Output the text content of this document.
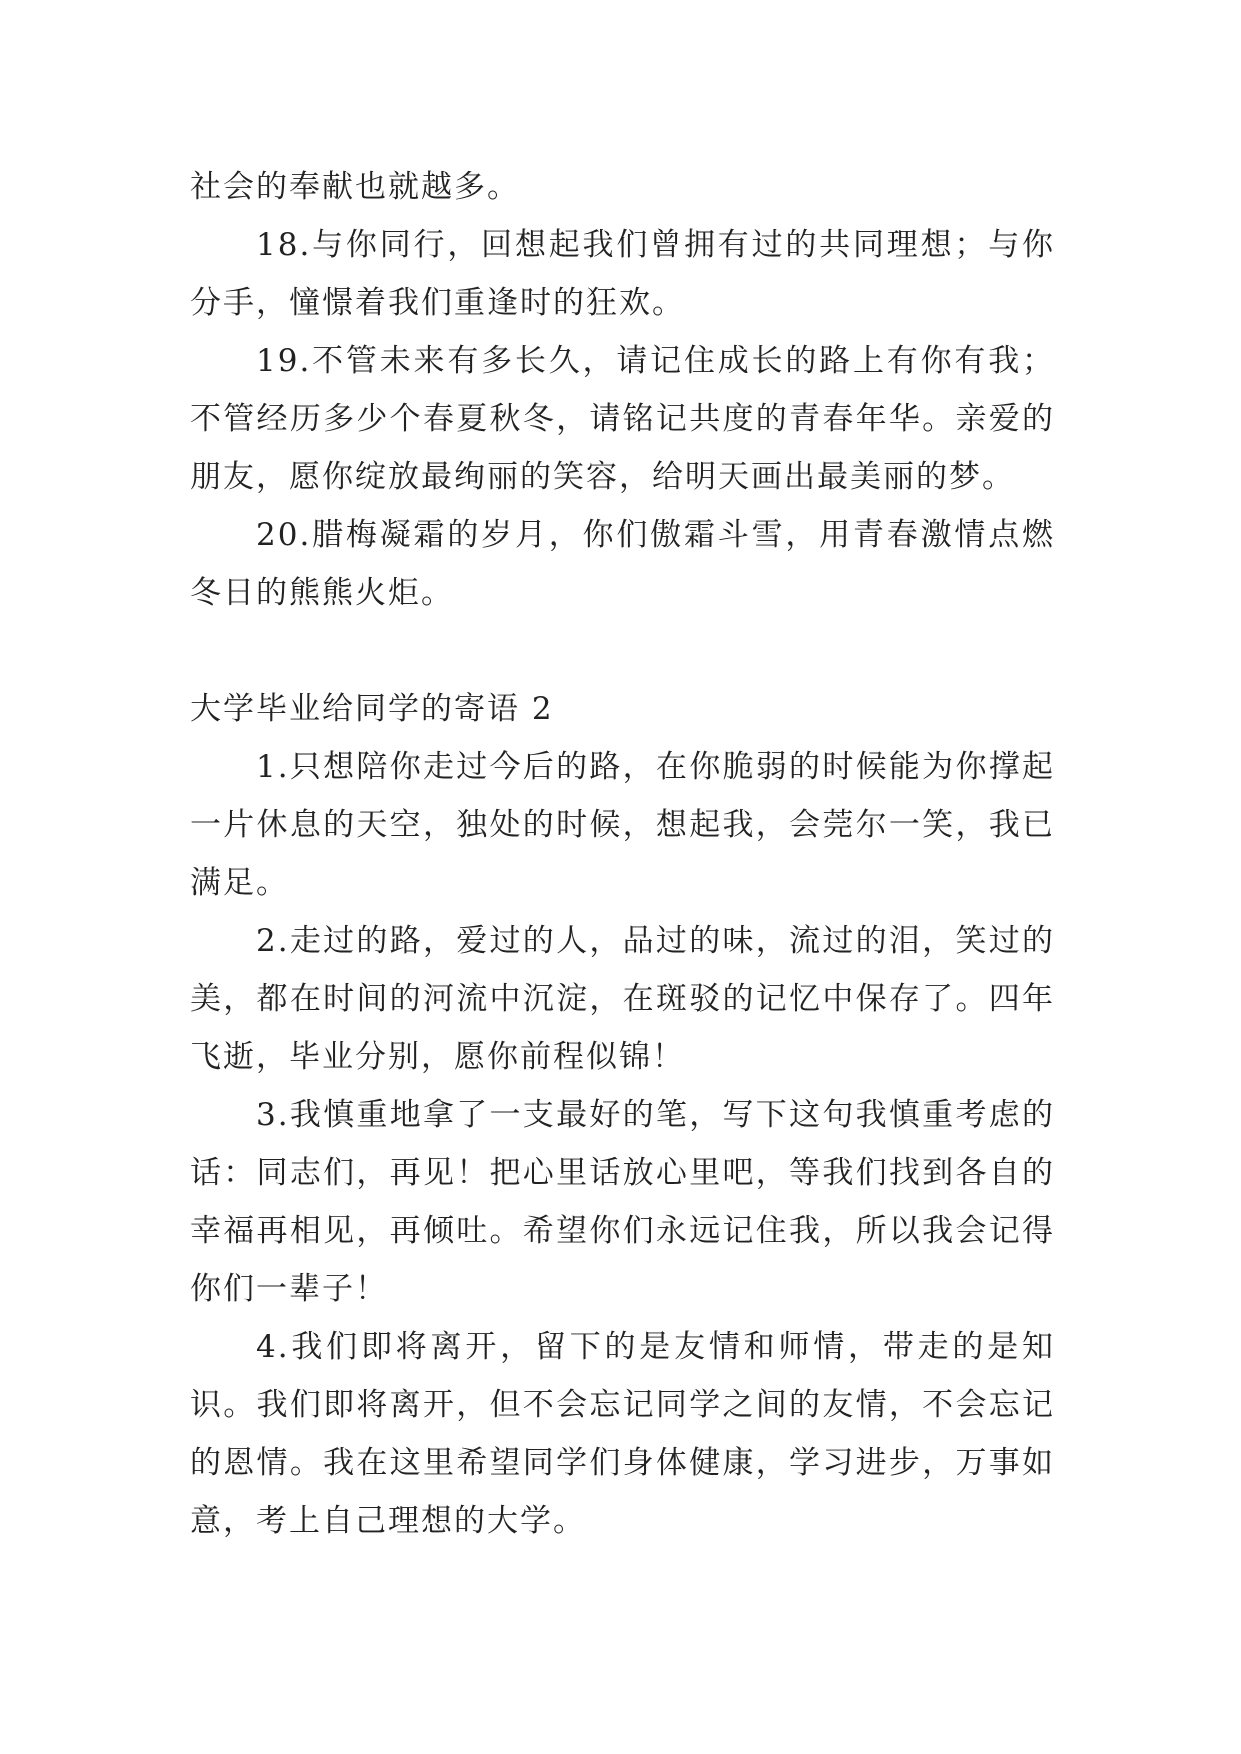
社会的奉献也就越多。

18.与你同行，回想起我们曾拥有过的共同理想；与你分手，憧憬着我们重逢时的狂欢。

19.不管未来有多长久，请记住成长的路上有你有我；不管经历多少个春夏秋冬，请铭记共度的青春年华。亲爱的朋友，愿你绽放最绚丽的笑容，给明天画出最美丽的梦。

20.腊梅凝霜的岁月，你们傲霜斗雪，用青春激情点燃冬日的熊熊火炬。

大学毕业给同学的寄语 2

1.只想陪你走过今后的路，在你脆弱的时候能为你撑起一片休息的天空，独处的时候，想起我，会莞尔一笑，我已满足。

2.走过的路，爱过的人，品过的味，流过的泪，笑过的美，都在时间的河流中沉淀，在斑驳的记忆中保存了。四年飞逝，毕业分别，愿你前程似锦！

3.我慎重地拿了一支最好的笔，写下这句我慎重考虑的话：同志们，再见！把心里话放心里吧，等我们找到各自的幸福再相见，再倾吐。希望你们永远记住我，所以我会记得你们一辈子！

4.我们即将离开，留下的是友情和师情，带走的是知识。我们即将离开，但不会忘记同学之间的友情，不会忘记的恩情。我在这里希望同学们身体健康，学习进步，万事如意，考上自己理想的大学。
